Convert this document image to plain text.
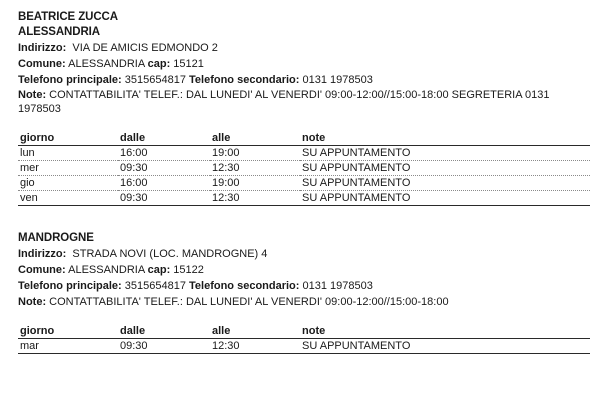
BEATRICE ZUCCA
ALESSANDRIA
Indirizzo: VIA DE AMICIS EDMONDO 2
Comune: ALESSANDRIA cap: 15121
Telefono principale: 3515654817 Telefono secondario: 0131 1978503
Note: CONTATTABILITA' TELEF.: DAL LUNEDI' AL VENERDI' 09:00-12:00//15:00-18:00 SEGRETERIA 0131 1978503
giorno	dalle	alle	note
lun	16:00	19:00	SU APPUNTAMENTO
mer	09:30	12:30	SU APPUNTAMENTO
gio	16:00	19:00	SU APPUNTAMENTO
ven	09:30	12:30	SU APPUNTAMENTO
MANDROGNE
Indirizzo: STRADA NOVI (LOC. MANDROGNE) 4
Comune: ALESSANDRIA cap: 15122
Telefono principale: 3515654817 Telefono secondario: 0131 1978503
Note: CONTATTABILITA' TELEF.: DAL LUNEDI' AL VENERDI' 09:00-12:00//15:00-18:00
giorno	dalle	alle	note
mar	09:30	12:30	SU APPUNTAMENTO
